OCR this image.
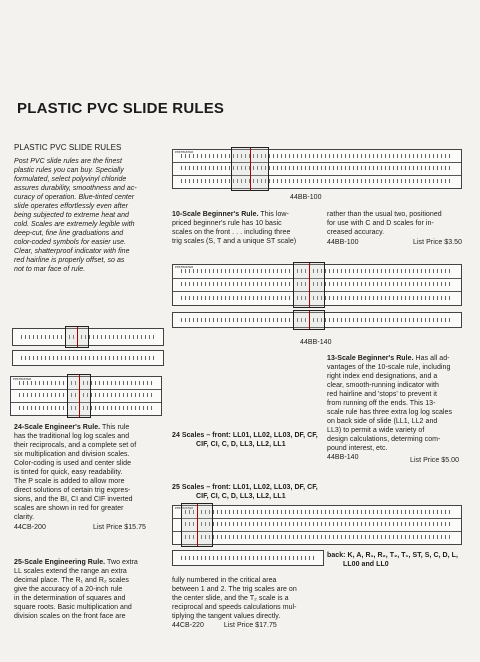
PLASTIC PVC SLIDE RULES
PLASTIC PVC SLIDE RULES
Post PVC slide rules are the finest
plastic rules you can buy. Specially
formulated, select polyvinyl chloride
assures durability, smoothness and ac-
curacy of operation. Blue-tinted center
slide operates effortlessly even after
being subjected to extreme heat and
cold. Scales are extremely legible with
deep-cut, fine line graduations and
color-coded symbols for easier use.
Clear, shatterproof indicator with fine
red hairline is properly offset, so as
not to mar face of rule.
POSTMASTER
44BB-100
10-Scale Beginner's Rule. This low-
priced beginner's rule has 10 basic
scales on the front . . . including three
trig scales (S, T and a unique ST scale)
rather than the usual two, positioned
for use with C and D scales for in-
creased accuracy.
44BB-100	List Price $3.50
POSTMASTER
44BB-140
13-Scale Beginner's Rule. Has all ad-
vantages of the 10-scale rule, including
right index end designations, and a
clear, smooth-running indicator with
red hairline and 'stops' to prevent it
from running off the ends. This 13-
scale rule has three extra log log scales
on back side of slide (LL1, LL2 and
LL3) to permit a wide variety of
design calculations, determing com-
pound interest, etc.
44BB-140	List Price $5.00
POSTMASTER
24-Scale Engineer's Rule. This rule
has the traditional log log scales and
their reciprocals, and a complete set of
six multiplication and division scales.
Color-coding is used and center slide
is tinted for quick, easy readability.
The P scale is added to allow more
direct solutions of certain trig expres-
sions, and the BI, CI and CIF inverted
scales are shown in red for greater
clarity.
44CB-200	List Price $15.75
24 Scales – front: LL01, LL02, LL03, DF, CF,
CIF, CI, C, D, LL3, LL2, LL1
25 Scales – front: LL01, LL02, LL03, DF, CF,
CIF, CI, C, D, LL3, LL2, LL1
POSTMASTER
back: K, A, R₁, R₂, T₂, T₁, ST, S, C, D, L,
LL00 and LL0
25-Scale Engineering Rule. Two extra
LL scales extend the range an extra
decimal place. The R₁ and R₂ scales
give the accuracy of a 20-inch rule
in the determination of squares and
square roots. Basic multiplication and
division scales on the front face are
fully numbered in the critical area
between 1 and 2. The trig scales are on
the center slide, and the T₂ scale is a
reciprocal and speeds calculations mul-
tiplying the tangent values directly.
44CB-220          List Price $17.75
